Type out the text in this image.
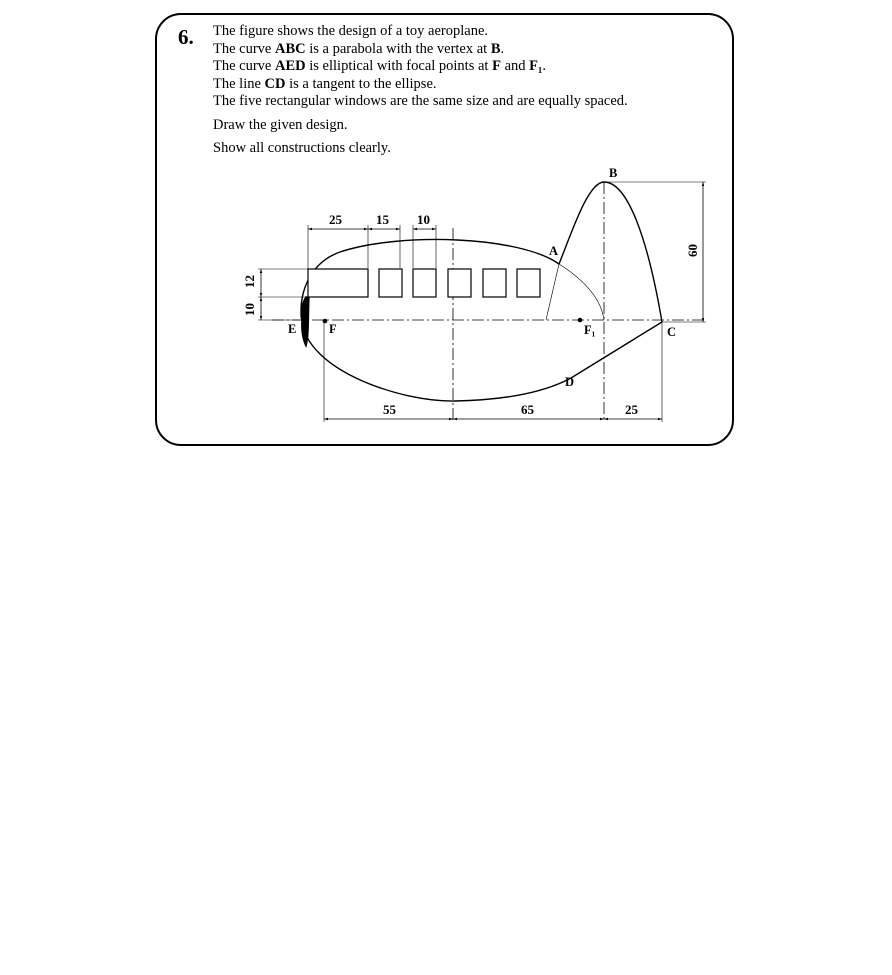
6. The figure shows the design of a toy aeroplane.

The curve ABC is a parabola with the vertex at B.

The curve AED is elliptical with focal points at F and F₁.

The line CD is a tangent to the ellipse.

The five rectangular windows are the same size and are equally spaced.

Draw the given design.

Show all constructions clearly.

A
B
C
D
E	F	F₁
25	15 10
55	65	25
12
10
60
